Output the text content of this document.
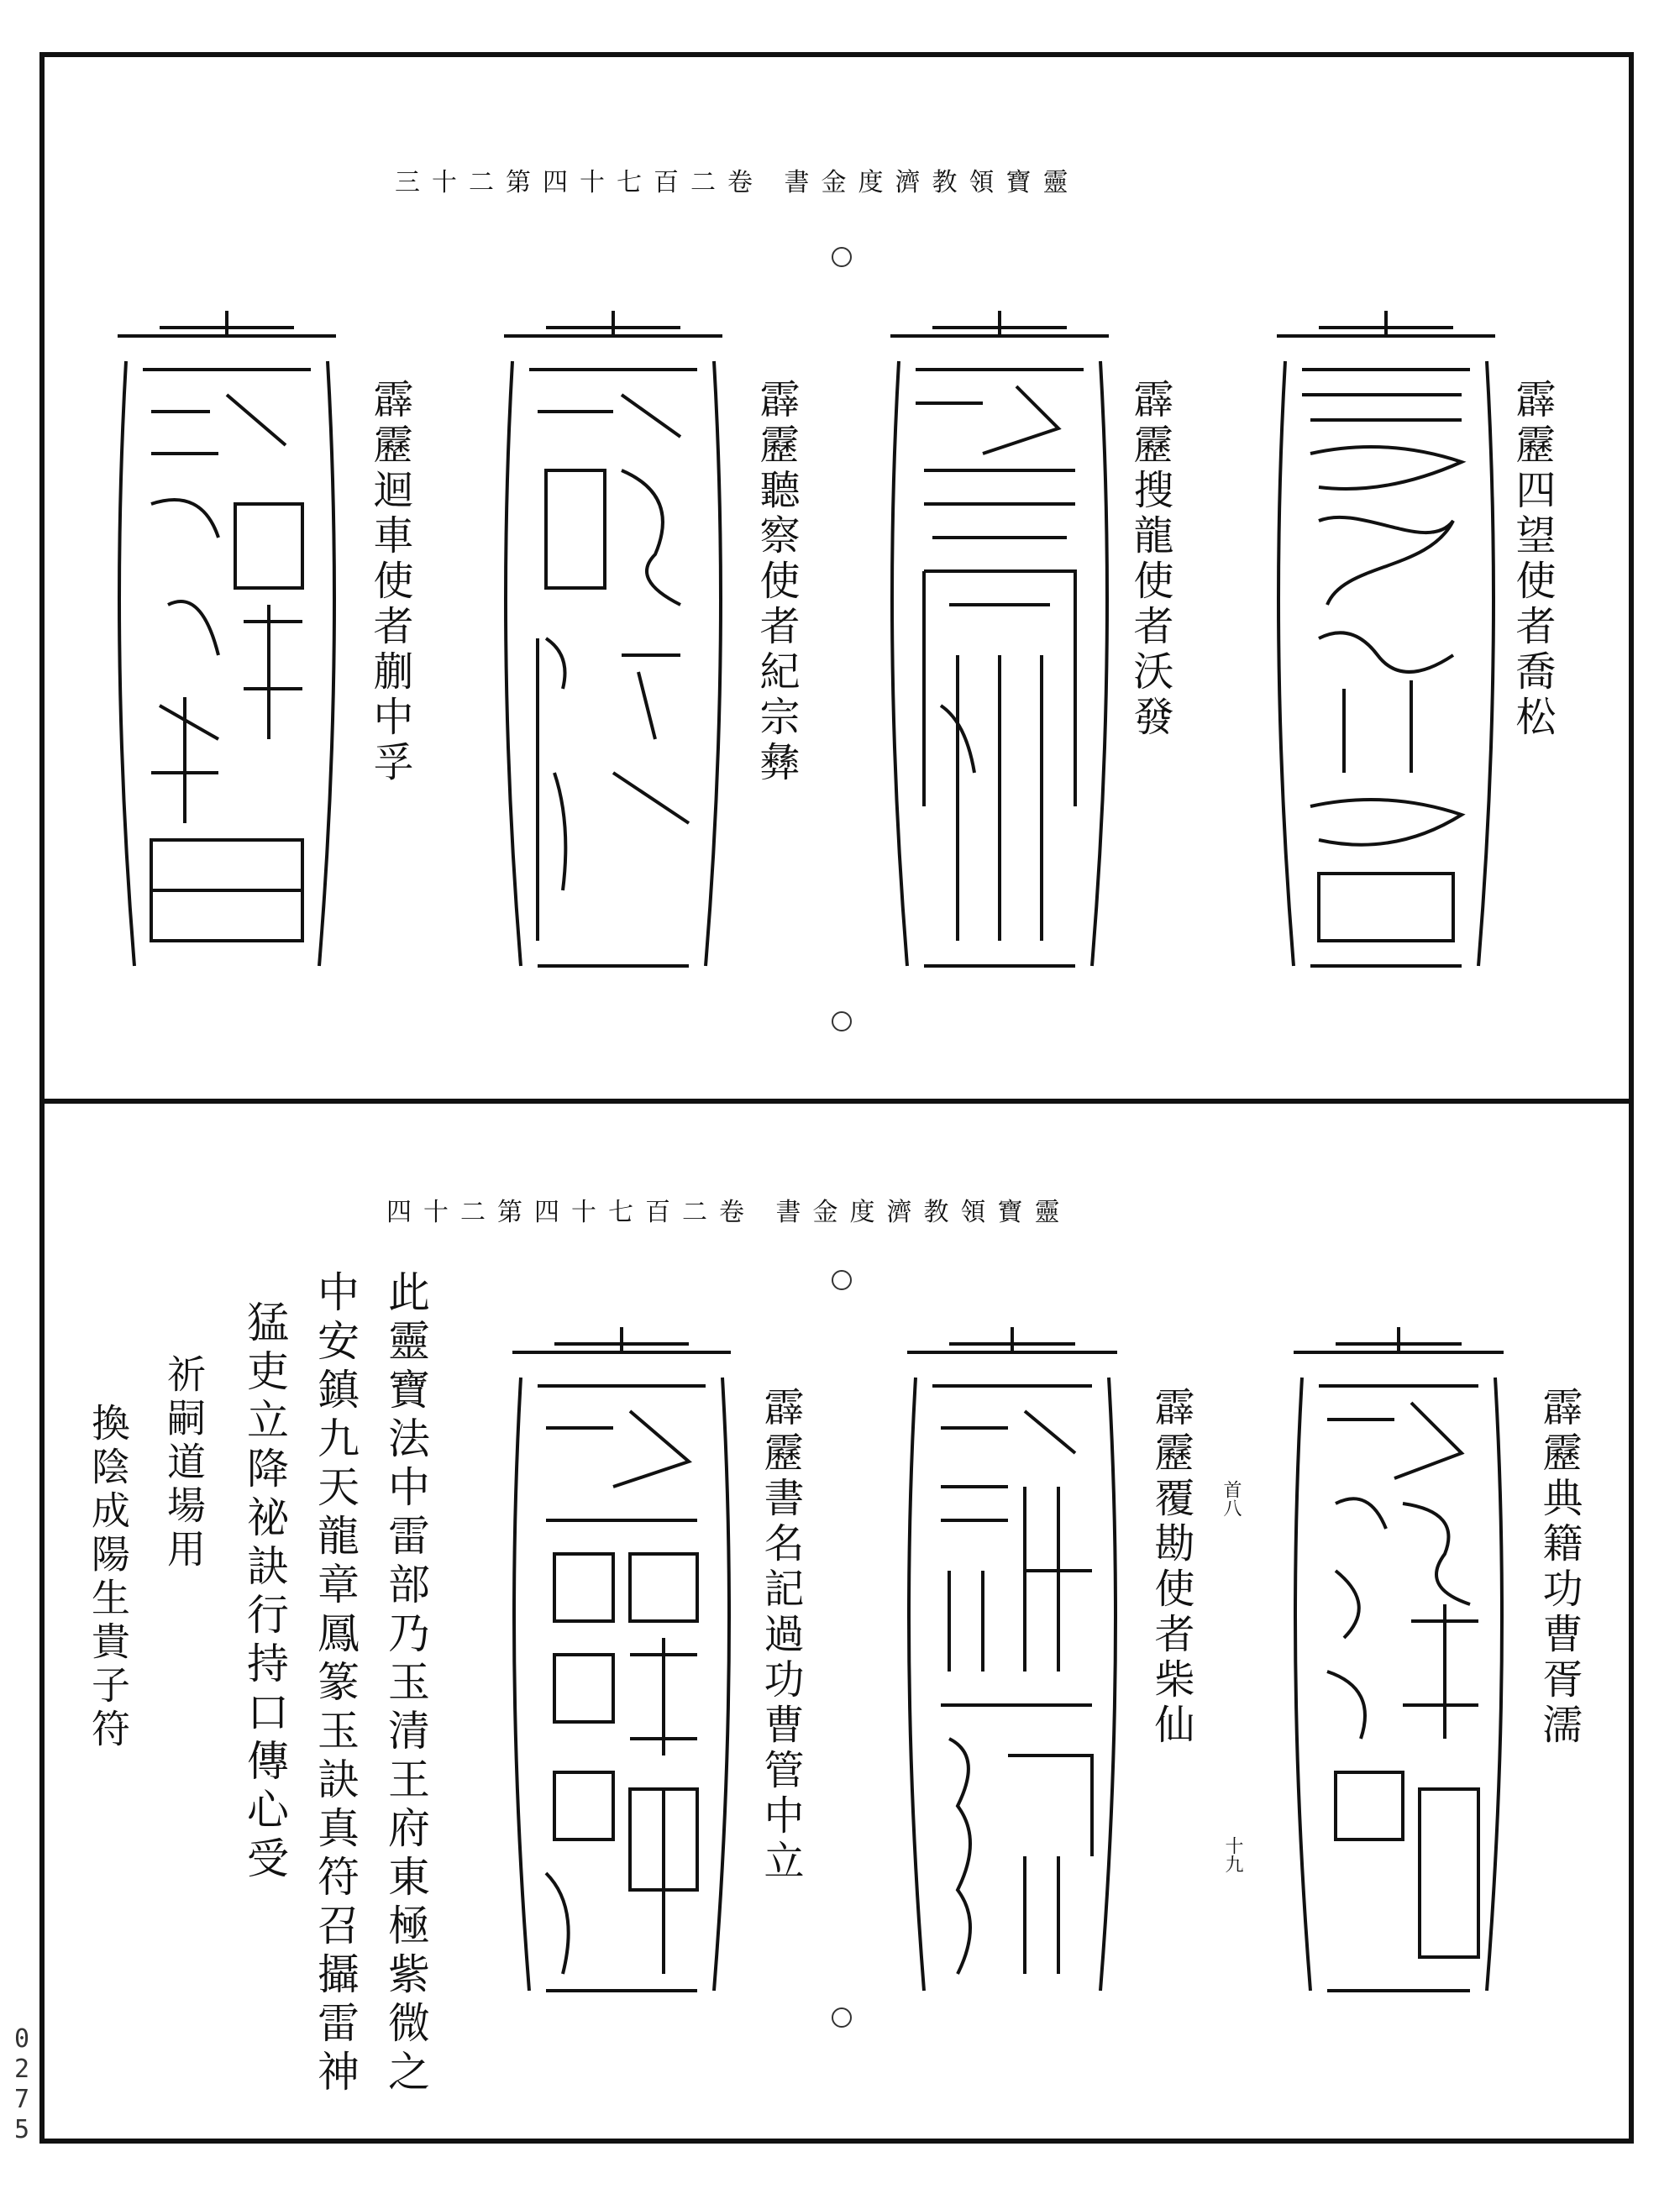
靈寶領教濟度金書 卷二百七十四第二十三
霹靂四望使者喬松
霹靂搜龍使者沃發
霹靂聽察使者紀宗彝
霹靂迴車使者蒯中孚
靈寶領教濟度金書 卷二百七十四第二十四
霹靂典籍功曹胥濡
霹靂覆勘使者柴仙
霹靂書名記過功曹管中立	首八
十九
此靈寶法中雷部乃玉清王府東極紫微之
中安鎮九天龍章鳳篆玉訣真符召攝雷神
猛吏立降祕訣行持口傳心受
祈嗣道場用
換陰成陽生貴子符
0275
